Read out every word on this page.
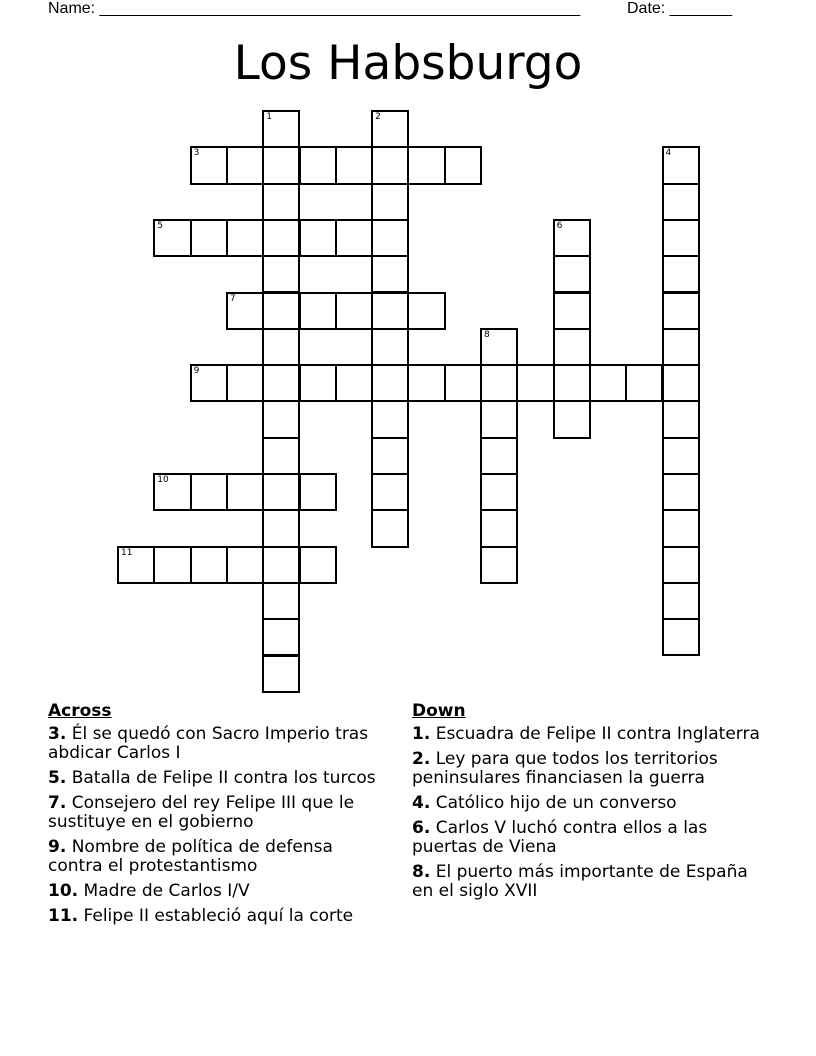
Name: ______________________________________________________	Date: _______
Los Habsburgo
1	2
3	4
5	6
7
8
9
10
11
Across
3. Él se quedó con Sacro Imperio tras abdicar Carlos I
5. Batalla de Felipe II contra los turcos
7. Consejero del rey Felipe III que le sustituye en el gobierno
9. Nombre de política de defensa contra el protestantismo
10. Madre de Carlos I/V
11. Felipe II estableció aquí la corte
Down
1. Escuadra de Felipe II contra Inglaterra
2. Ley para que todos los territorios peninsulares financiasen la guerra
4. Católico hijo de un converso
6. Carlos V luchó contra ellos a las puertas de Viena
8. El puerto más importante de España en el siglo XVII
